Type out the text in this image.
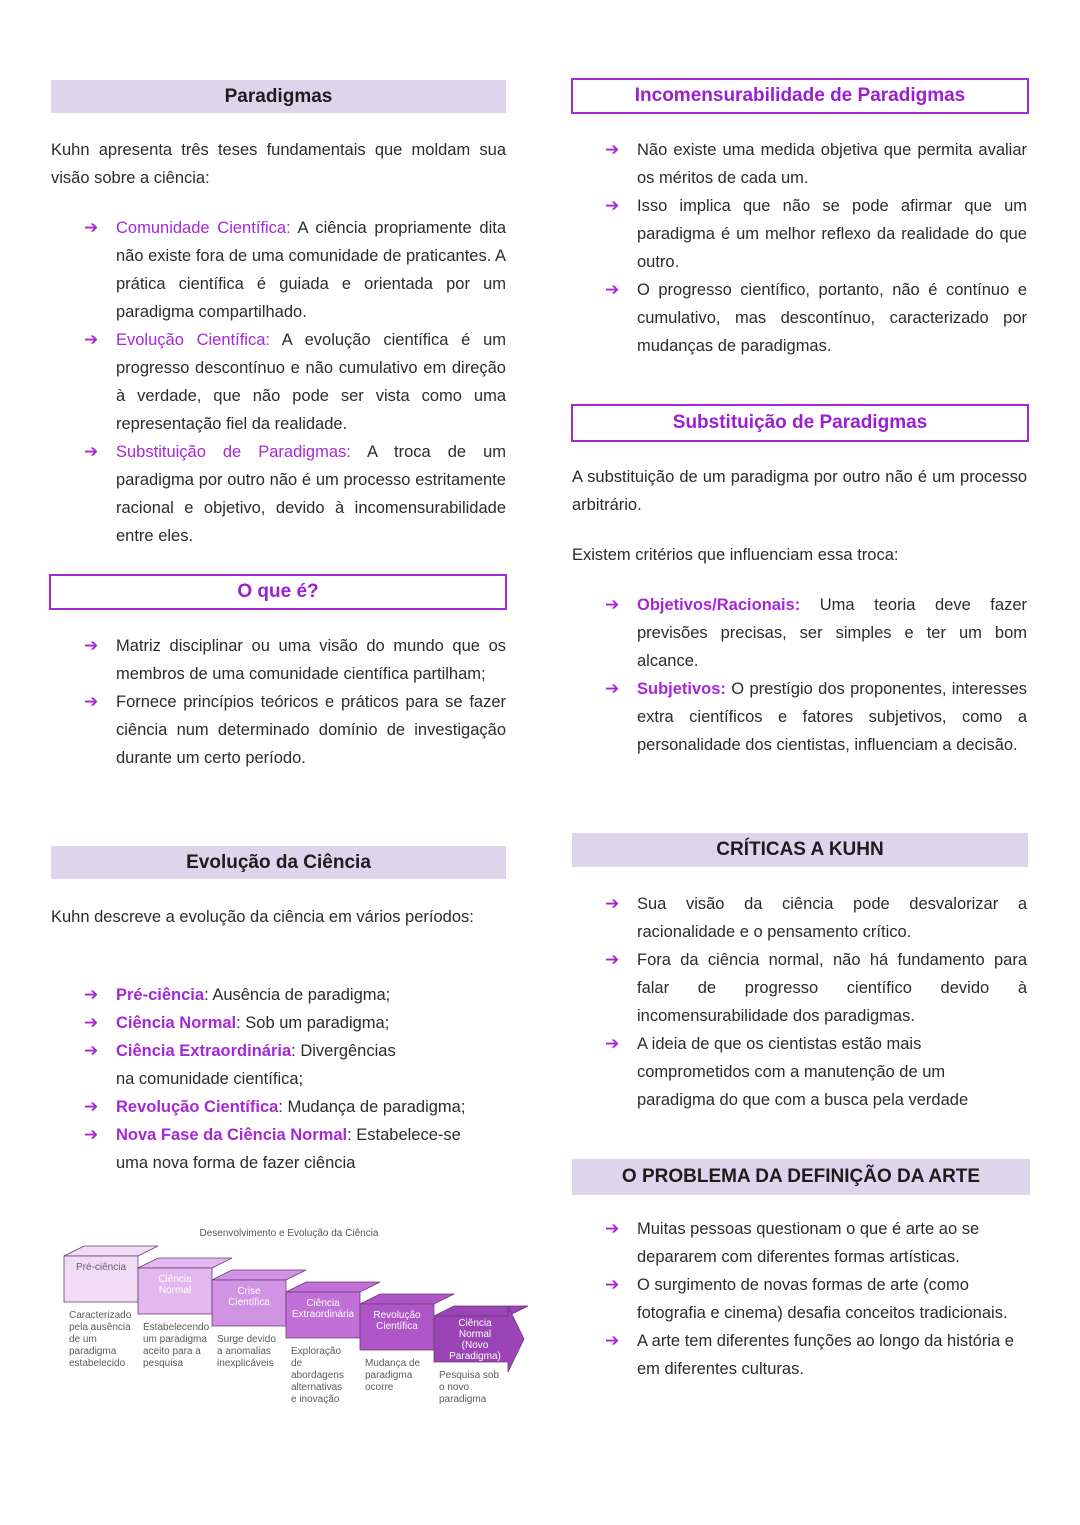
Paradigmas
Kuhn apresenta três teses fundamentais que moldam sua visão sobre a ciência:
➔ Comunidade Científica: A ciência propriamente dita não existe fora de uma comunidade de praticantes. A prática científica é guiada e orientada por um paradigma compartilhado.
➔ Evolução Científica: A evolução científica é um progresso descontínuo e não cumulativo em direção à verdade, que não pode ser vista como uma representação fiel da realidade.
➔ Substituição de Paradigmas: A troca de um paradigma por outro não é um processo estritamente racional e objetivo, devido à incomensurabilidade entre eles.
O que é?
➔ Matriz disciplinar ou uma visão do mundo que os membros de uma comunidade científica partilham;
➔ Fornece princípios teóricos e práticos para se fazer ciência num determinado domínio de investigação durante um certo período.
Evolução da Ciência
Kuhn descreve a evolução da ciência em vários períodos:
➔ Pré-ciência: Ausência de paradigma;
➔ Ciência Normal: Sob um paradigma;
➔ Ciência Extraordinária: Divergências na comunidade científica;
➔ Revolução Científica: Mudança de paradigma;
➔ Nova Fase da Ciência Normal: Estabelece-se uma nova forma de fazer ciência
Desenvolvimento e Evolução da Ciência
Pré-ciência
Caracterizado pela ausência de um paradigma estabelecido
Ciência Normal
Estabelecendo um paradigma aceito para a pesquisa
Crise Científica
Surge devido a anomalias inexplicáveis
Ciência Extraordinária
Exploração de abordagens alternativas e inovação
Revolução Científica
Mudança de paradigma ocorre
Ciência Normal (Novo Paradigma)
Pesquisa sob o novo paradigma
Incomensurabilidade de Paradigmas
➔ Não existe uma medida objetiva que permita avaliar os méritos de cada um.
➔ Isso implica que não se pode afirmar que um paradigma é um melhor reflexo da realidade do que outro.
➔ O progresso científico, portanto, não é contínuo e cumulativo, mas descontínuo, caracterizado por mudanças de paradigmas.
Substituição de Paradigmas
A substituição de um paradigma por outro não é um processo arbitrário.
Existem critérios que influenciam essa troca:
➔ Objetivos/Racionais: Uma teoria deve fazer previsões precisas, ser simples e ter um bom alcance.
➔ Subjetivos: O prestígio dos proponentes, interesses extra científicos e fatores subjetivos, como a personalidade dos cientistas, influenciam a decisão.
CRÍTICAS A KUHN
➔ Sua visão da ciência pode desvalorizar a racionalidade e o pensamento crítico.
➔ Fora da ciência normal, não há fundamento para falar de progresso científico devido à incomensurabilidade dos paradigmas.
➔ A ideia de que os cientistas estão mais comprometidos com a manutenção de um paradigma do que com a busca pela verdade
O PROBLEMA DA DEFINIÇÃO DA ARTE
➔ Muitas pessoas questionam o que é arte ao se depararem com diferentes formas artísticas.
➔ O surgimento de novas formas de arte (como fotografia e cinema) desafia conceitos tradicionais.
➔ A arte tem diferentes funções ao longo da história e em diferentes culturas.
